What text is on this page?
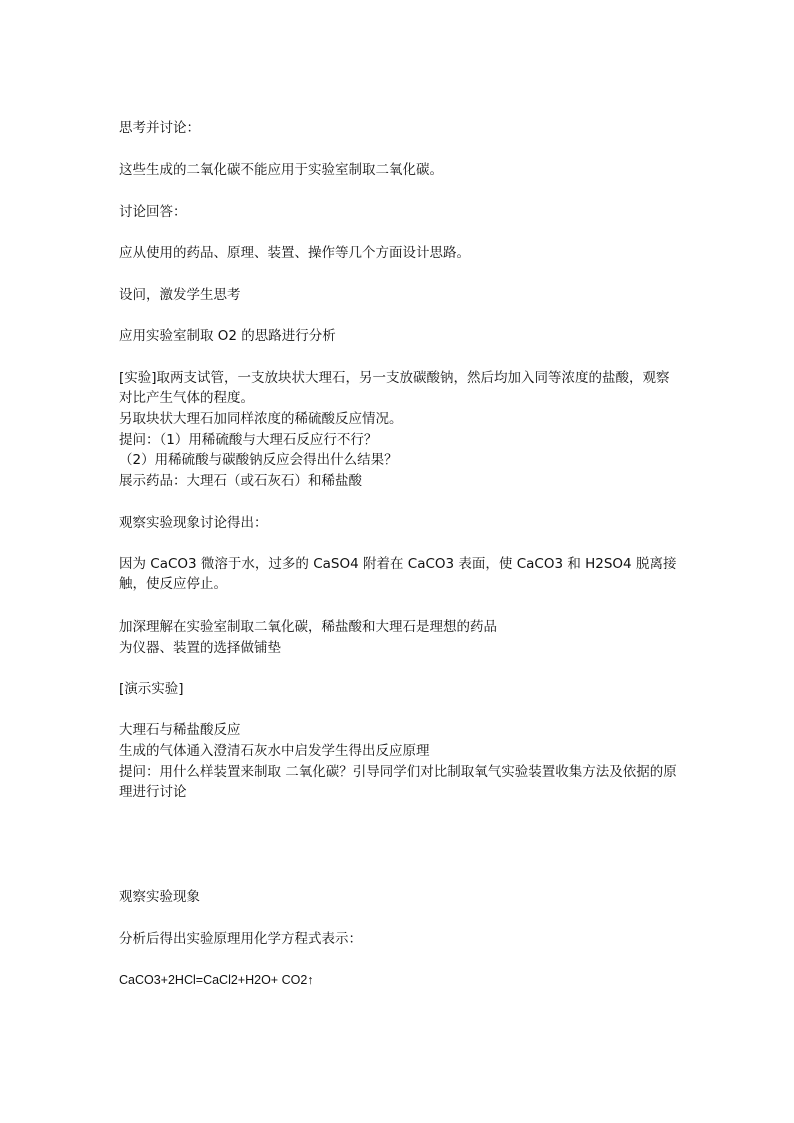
思考并讨论：
这些生成的二氧化碳不能应用于实验室制取二氧化碳。
讨论回答：
应从使用的药品、原理、装置、操作等几个方面设计思路。
设问，激发学生思考
应用实验室制取 O2 的思路进行分析
[实验]取两支试管，一支放块状大理石，另一支放碳酸钠，然后均加入同等浓度的盐酸，观察对比产生气体的程度。
另取块状大理石加同样浓度的稀硫酸反应情况。
提问：（1）用稀硫酸与大理石反应行不行？
（2）用稀硫酸与碳酸钠反应会得出什么结果？
展示药品：大理石（或石灰石）和稀盐酸
观察实验现象讨论得出：
因为 CaCO3 微溶于水，过多的 CaSO4 附着在 CaCO3 表面，使 CaCO3 和 H2SO4 脱离接触，使反应停止。
加深理解在实验室制取二氧化碳，稀盐酸和大理石是理想的药品
为仪器、装置的选择做铺垫
[演示实验]
大理石与稀盐酸反应
生成的气体通入澄清石灰水中启发学生得出反应原理
提问：用什么样装置来制取 二氧化碳？引导同学们对比制取氧气实验装置收集方法及依据的原理进行讨论
观察实验现象
分析后得出实验原理用化学方程式表示：
CaCO3+2HCl=CaCl2+H2O+ CO2↑
